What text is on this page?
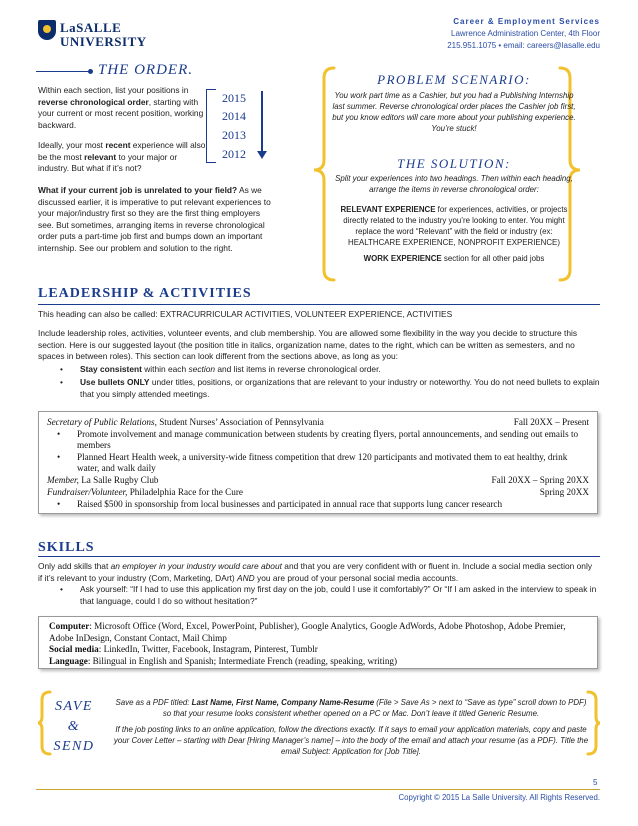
LaSALLE
UNIVERSITY
Career & Employment Services
Lawrence Administration Center, 4th Floor
215.951.1075 • email: careers@lasalle.edu
THE ORDER.
Within each section, list your positions in reverse chronological order, starting with your current or most recent position, working backward.
Ideally, your most recent experience will also be the most relevant to your major or industry. But what if it’s not?
What if your current job is unrelated to your field? As we discussed earlier, it is imperative to put relevant experiences to your major/industry first so they are the first thing employers see. But sometimes, arranging items in reverse chronological order puts a part-time job first and bumps down an important internship. See our problem and solution to the right.
2015
2014
2013
2012
PROBLEM SCENARIO:
You work part time as a Cashier, but you had a Publishing Internship last summer. Reverse chronological order places the Cashier job first, but you know editors will care more about your publishing experience. You’re stuck!
THE SOLUTION:
Split your experiences into two headings. Then within each heading, arrange the items in reverse chronological order:
RELEVANT EXPERIENCE for experiences, activities, or projects directly related to the industry you’re looking to enter. You might replace the word “Relevant” with the field or industry (ex: HEALTHCARE EXPERIENCE, NONPROFIT EXPERIENCE)
WORK EXPERIENCE section for all other paid jobs
LEADERSHIP & ACTIVITIES
This heading can also be called: EXTRACURRICULAR ACTIVITIES, VOLUNTEER EXPERIENCE, ACTIVITIES
Include leadership roles, activities, volunteer events, and club membership. You are allowed some flexibility in the way you decide to structure this section. Here is our suggested layout (the position title in italics, organization name, dates to the right, which can be written as semesters, and no spaces in between roles). This section can look different from the sections above, as long as you:
• Stay consistent within each section and list items in reverse chronological order.
• Use bullets ONLY under titles, positions, or organizations that are relevant to your industry or noteworthy. You do not need bullets to explain that you simply attended meetings.
Secretary of Public Relations, Student Nurses’ Association of Pennsylvania	Fall 20XX – Present
• Promote involvement and manage communication between students by creating flyers, portal announcements, and sending out emails to members
• Planned Heart Health week, a university-wide fitness competition that drew 120 participants and motivated them to eat healthy, drink water, and walk daily
Member, La Salle Rugby Club	Fall 20XX – Spring 20XX
Fundraiser/Volunteer, Philadelphia Race for the Cure	Spring 20XX
• Raised $500 in sponsorship from local businesses and participated in annual race that supports lung cancer research
SKILLS
Only add skills that an employer in your industry would care about and that you are very confident with or fluent in. Include a social media section only if it’s relevant to your industry (Com, Marketing, DArt) AND you are proud of your personal social media accounts.
• Ask yourself: “If I had to use this application my first day on the job, could I use it comfortably?” Or “If I am asked in the interview to speak in that language, could I do so without hesitation?”
Computer: Microsoft Office (Word, Excel, PowerPoint, Publisher), Google Analytics, Google AdWords, Adobe Photoshop, Adobe Premier, Adobe InDesign, Constant Contact, Mail Chimp
Social media: LinkedIn, Twitter, Facebook, Instagram, Pinterest, Tumblr
Language: Bilingual in English and Spanish; Intermediate French (reading, speaking, writing)
SAVE
&
SEND
Save as a PDF titled: Last Name, First Name, Company Name-Resume (File > Save As > next to “Save as type” scroll down to PDF) so that your resume looks consistent whether opened on a PC or Mac. Don’t leave it titled Generic Resume.
If the job posting links to an online application, follow the directions exactly. If it says to email your application materials, copy and paste your Cover Letter – starting with Dear [Hiring Manager’s name] – into the body of the email and attach your resume (as a PDF). Title the email Subject: Application for [Job Title].
5
Copyright © 2015 La Salle University. All Rights Reserved.
